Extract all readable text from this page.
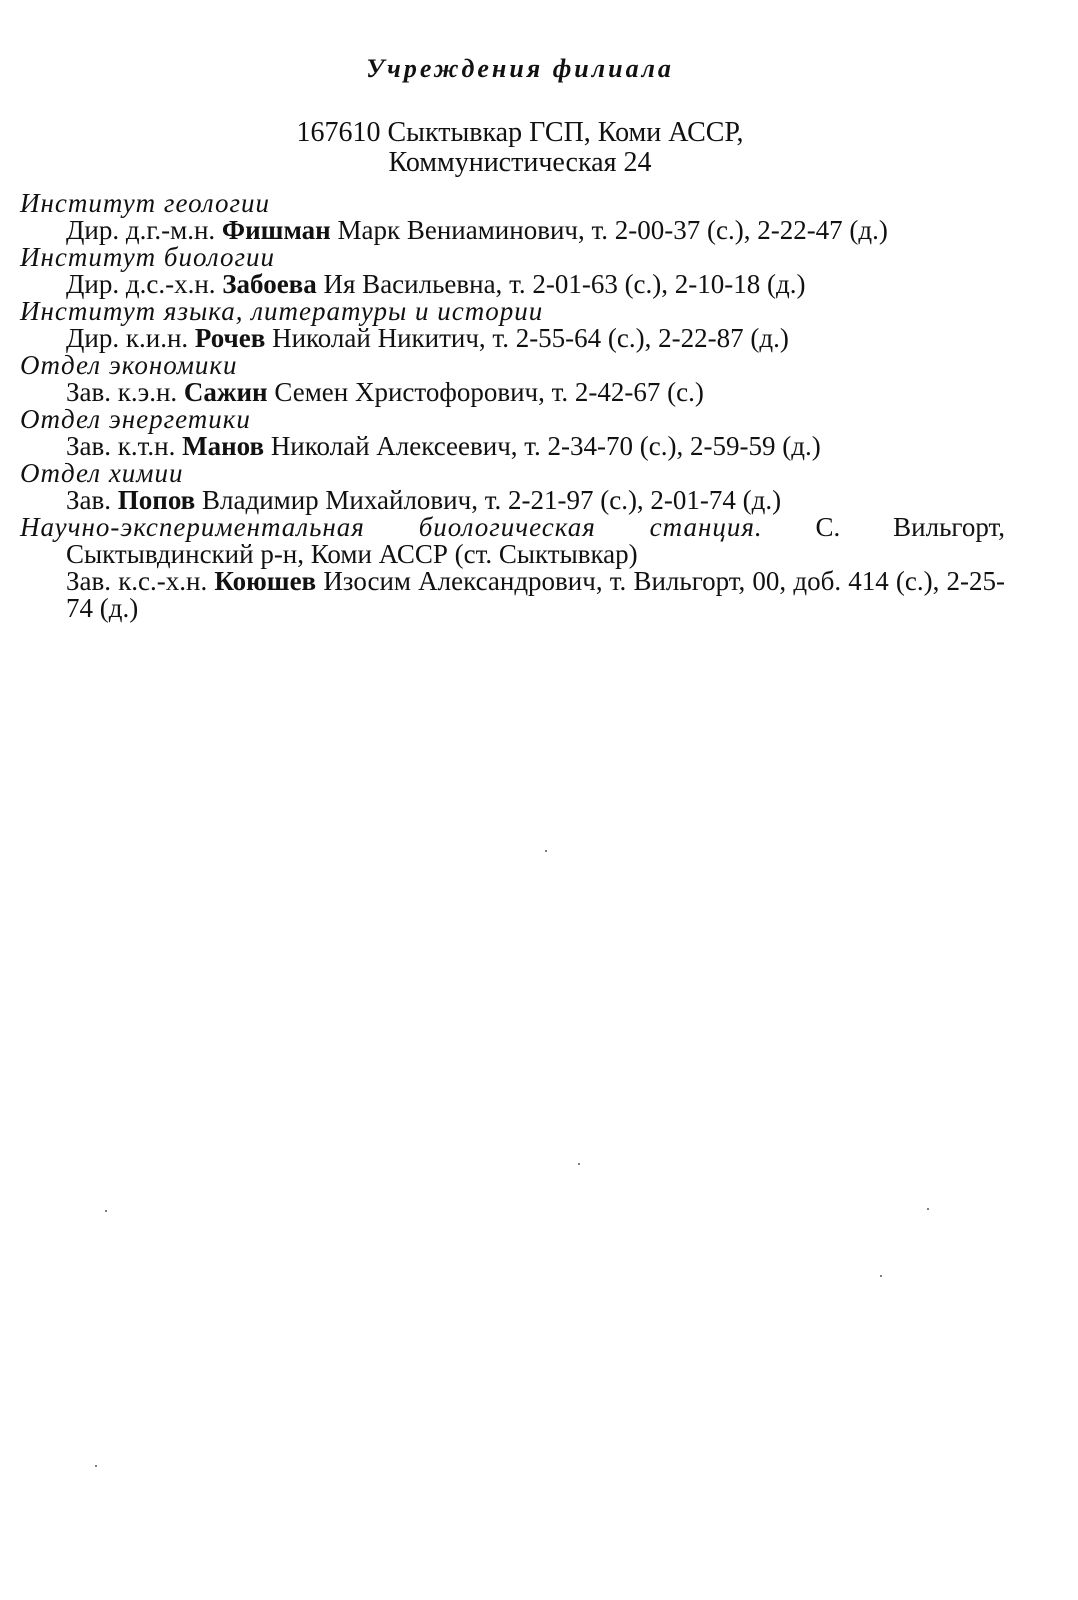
Учреждения филиала
167610 Сыктывкар ГСП, Коми АССР,
Коммунистическая 24
Институт геологии
Дир. д.г.-м.н. Фишман Марк Вениаминович, т. 2-00-37 (с.), 2-22-47 (д.)
Институт биологии
Дир. д.с.-х.н. Забоева Ия Васильевна, т. 2-01-63 (с.), 2-10-18 (д.)
Институт языка, литературы и истории
Дир. к.и.н. Рочев Николай Никитич, т. 2-55-64 (с.), 2-22-87 (д.)
Отдел экономики
Зав. к.э.н. Сажин Семен Христофорович, т. 2-42-67 (с.)
Отдел энергетики
Зав. к.т.н. Манов Николай Алексеевич, т. 2-34-70 (с.), 2-59-59 (д.)
Отдел химии
Зав. Попов Владимир Михайлович, т. 2-21-97 (с.), 2-01-74 (д.)
Научно-экспериментальная биологическая станция. С. Вильгорт, Сыктывдинский р-н, Коми АССР (ст. Сыктывкар)
Зав. к.с.-х.н. Коюшев Изосим Александрович, т. Вильгорт, 00, доб. 414 (с.), 2-25-74 (д.)
